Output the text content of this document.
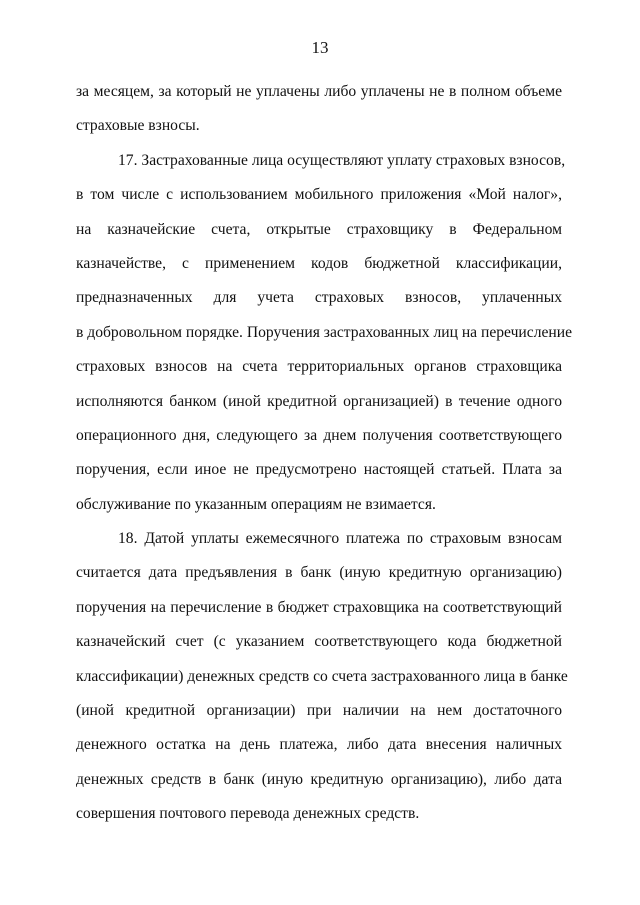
13
за месяцем, за который не уплачены либо уплачены не в полном объеме
страховые взносы.
17. Застрахованные лица осуществляют уплату страховых взносов,
в том числе с использованием мобильного приложения «Мой налог»,
на казначейские счета, открытые страховщику в Федеральном
казначействе, с применением кодов бюджетной классификации,
предназначенных для учета страховых взносов, уплаченных
в добровольном порядке. Поручения застрахованных лиц на перечисление
страховых взносов на счета территориальных органов страховщика
исполняются банком (иной кредитной организацией) в течение одного
операционного дня, следующего за днем получения соответствующего
поручения, если иное не предусмотрено настоящей статьей. Плата за
обслуживание по указанным операциям не взимается.
18. Датой уплаты ежемесячного платежа по страховым взносам
считается дата предъявления в банк (иную кредитную организацию)
поручения на перечисление в бюджет страховщика на соответствующий
казначейский счет (с указанием соответствующего кода бюджетной
классификации) денежных средств со счета застрахованного лица в банке
(иной кредитной организации) при наличии на нем достаточного
денежного остатка на день платежа, либо дата внесения наличных
денежных средств в банк (иную кредитную организацию), либо дата
совершения почтового перевода денежных средств.
